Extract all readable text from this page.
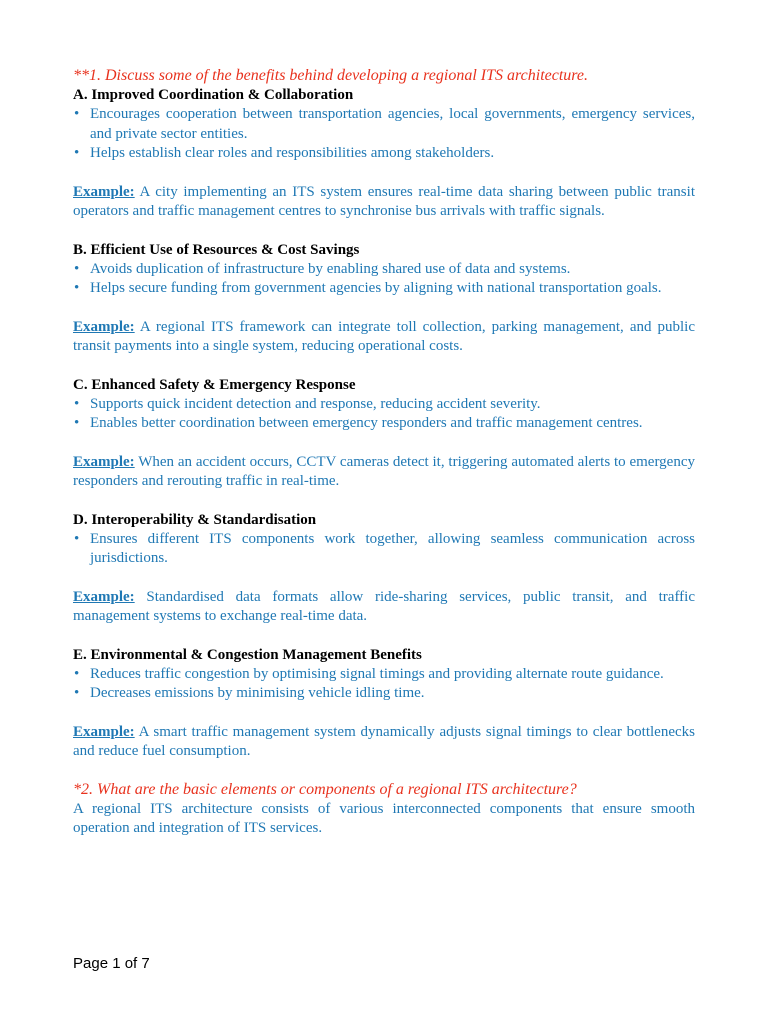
**1. Discuss some of the benefits behind developing a regional ITS architecture.

A. Improved Coordination & Collaboration

• Encourages cooperation between transportation agencies, local governments, emergency services, and private sector entities.
• Helps establish clear roles and responsibilities among stakeholders.

Example: A city implementing an ITS system ensures real-time data sharing between public transit operators and traffic management centres to synchronise bus arrivals with traffic signals.

B. Efficient Use of Resources & Cost Savings

• Avoids duplication of infrastructure by enabling shared use of data and systems.
• Helps secure funding from government agencies by aligning with national transportation goals.

Example: A regional ITS framework can integrate toll collection, parking management, and public transit payments into a single system, reducing operational costs.

C. Enhanced Safety & Emergency Response

• Supports quick incident detection and response, reducing accident severity.
• Enables better coordination between emergency responders and traffic management centres.

Example: When an accident occurs, CCTV cameras detect it, triggering automated alerts to emergency responders and rerouting traffic in real-time.

D. Interoperability & Standardisation

• Ensures different ITS components work together, allowing seamless communication across jurisdictions.

Example: Standardised data formats allow ride-sharing services, public transit, and traffic management systems to exchange real-time data.

E. Environmental & Congestion Management Benefits

• Reduces traffic congestion by optimising signal timings and providing alternate route guidance.
• Decreases emissions by minimising vehicle idling time.

Example: A smart traffic management system dynamically adjusts signal timings to clear bottlenecks and reduce fuel consumption.

*2. What are the basic elements or components of a regional ITS architecture?

A regional ITS architecture consists of various interconnected components that ensure smooth operation and integration of ITS services.

Page 1 of 7
